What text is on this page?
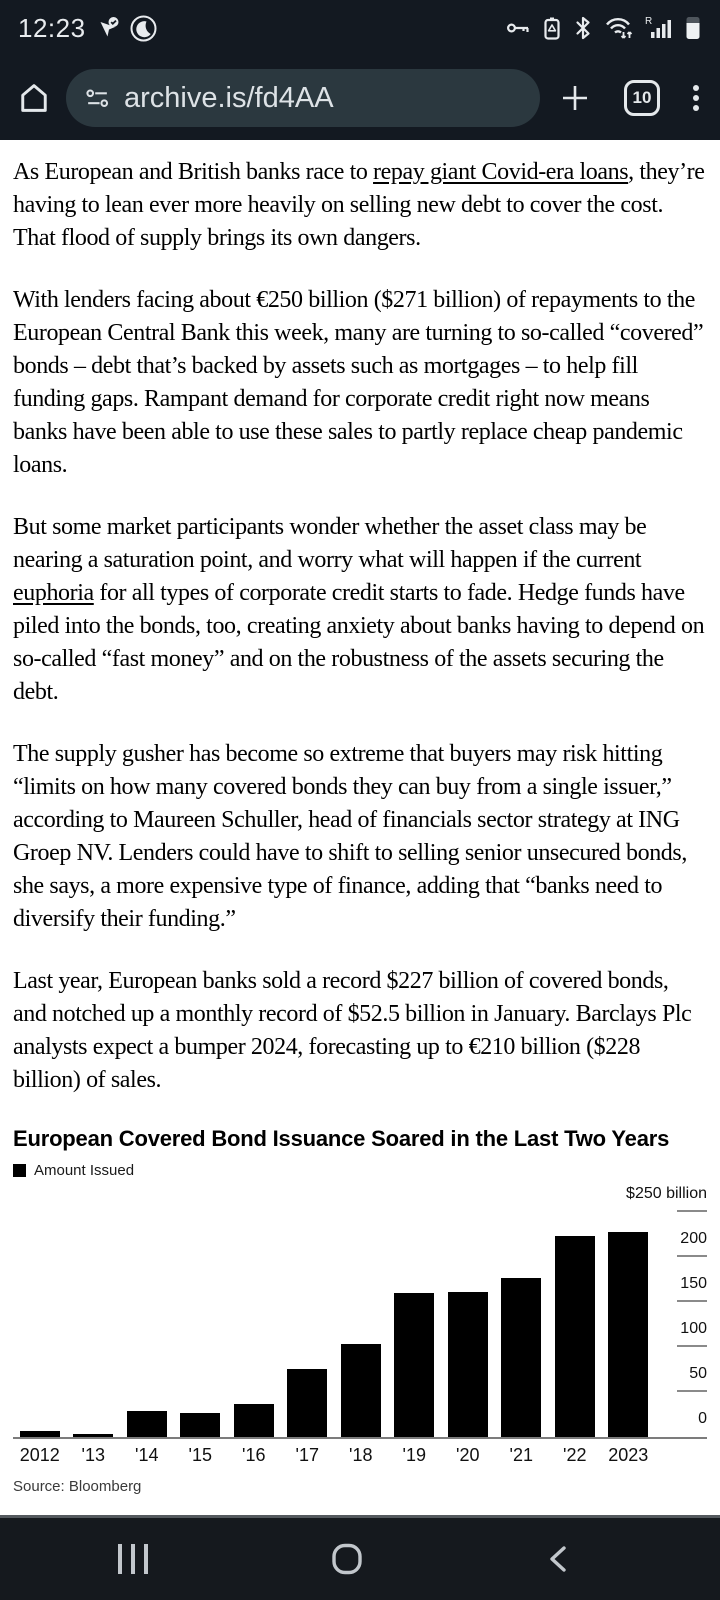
12:23	R
archive.is/fd4AA	10

As European and British banks race to repay giant Covid-era loans, they’re having to lean ever more heavily on selling new debt to cover the cost. That flood of supply brings its own dangers.

With lenders facing about €250 billion ($271 billion) of repayments to the European Central Bank this week, many are turning to so-called “covered” bonds – debt that’s backed by assets such as mortgages – to help fill funding gaps. Rampant demand for corporate credit right now means banks have been able to use these sales to partly replace cheap pandemic loans.

But some market participants wonder whether the asset class may be nearing a saturation point, and worry what will happen if the current euphoria for all types of corporate credit starts to fade. Hedge funds have piled into the bonds, too, creating anxiety about banks having to depend on so-called “fast money” and on the robustness of the assets securing the debt.

The supply gusher has become so extreme that buyers may risk hitting “limits on how many covered bonds they can buy from a single issuer,” according to Maureen Schuller, head of financials sector strategy at ING Groep NV. Lenders could have to shift to selling senior unsecured bonds, she says, a more expensive type of finance, adding that “banks need to diversify their funding.”

Last year, European banks sold a record $227 billion of covered bonds, and notched up a monthly record of $52.5 billion in January. Barclays Plc analysts expect a bumper 2024, forecasting up to €210 billion ($228 billion) of sales.

European Covered Bond Issuance Soared in the Last Two Years
Amount Issued
$250 billion
200
150
100
50
0
2012	'13	'14	'15	'16	'17	'18	'19	'20	'21	'22	2023
Source: Bloomberg
